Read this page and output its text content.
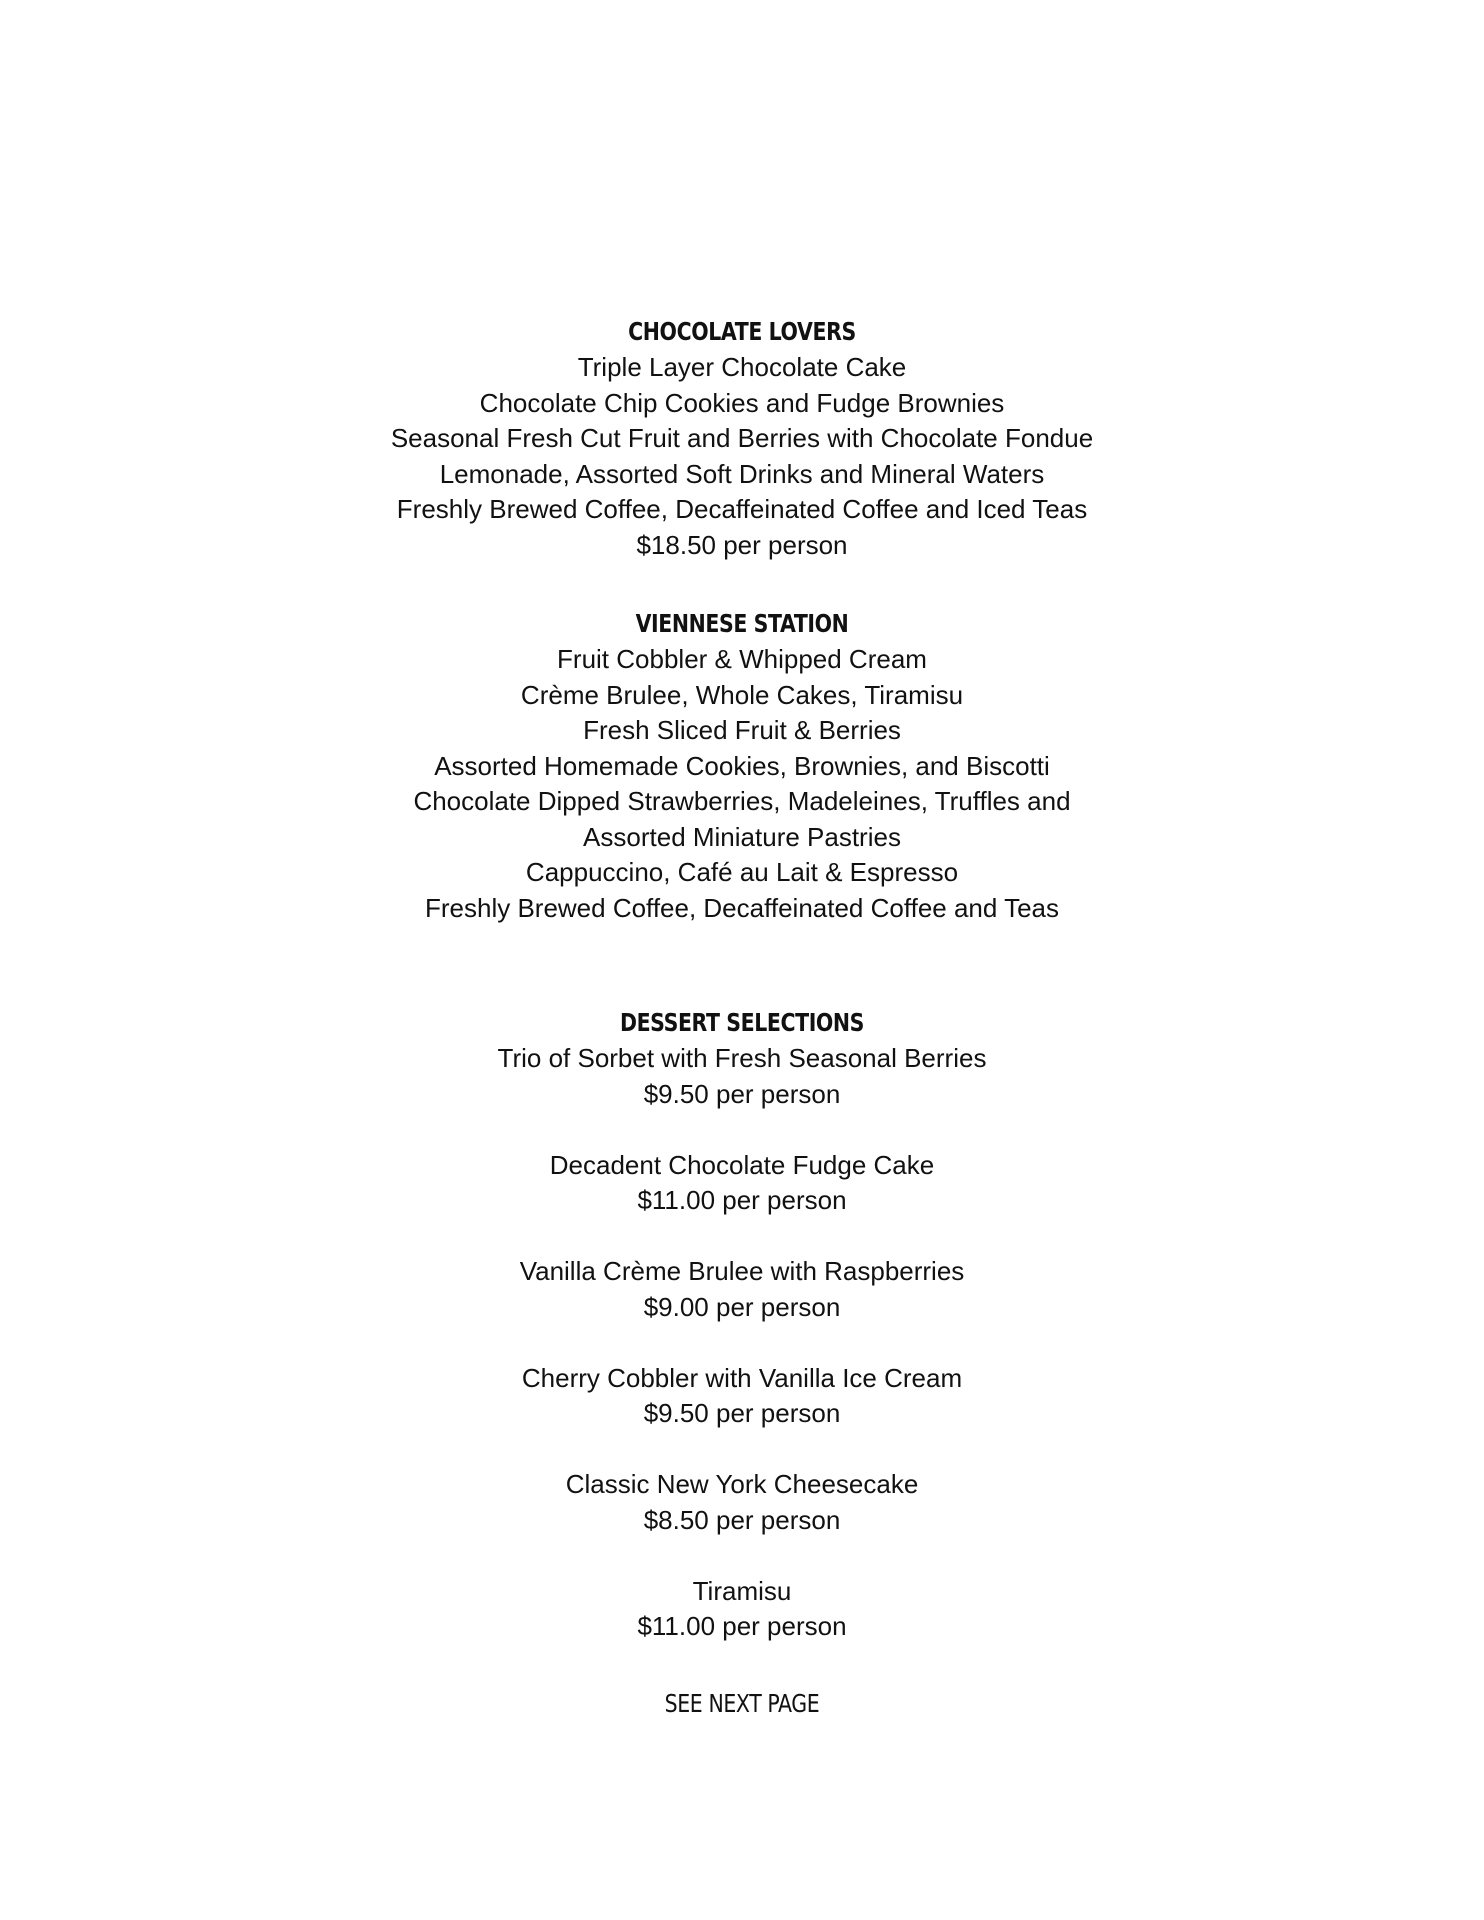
CHOCOLATE LOVERS

Triple Layer Chocolate Cake

Chocolate Chip Cookies and Fudge Brownies

Seasonal Fresh Cut Fruit and Berries with Chocolate Fondue

Lemonade, Assorted Soft Drinks and Mineral Waters

Freshly Brewed Coffee, Decaffeinated Coffee and Iced Teas

$18.50 per person

VIENNESE STATION

Fruit Cobbler & Whipped Cream

Crème Brulee, Whole Cakes, Tiramisu

Fresh Sliced Fruit & Berries

Assorted Homemade Cookies, Brownies, and Biscotti

Chocolate Dipped Strawberries, Madeleines, Truffles and

Assorted Miniature Pastries

Cappuccino, Café au Lait & Espresso

Freshly Brewed Coffee, Decaffeinated Coffee and Teas

DESSERT SELECTIONS

Trio of Sorbet with Fresh Seasonal Berries

$9.50 per person

Decadent Chocolate Fudge Cake

$11.00 per person

Vanilla Crème Brulee with Raspberries

$9.00 per person

Cherry Cobbler with Vanilla Ice Cream

$9.50 per person

Classic New York Cheesecake

$8.50 per person

Tiramisu

$11.00 per person

SEE NEXT PAGE
